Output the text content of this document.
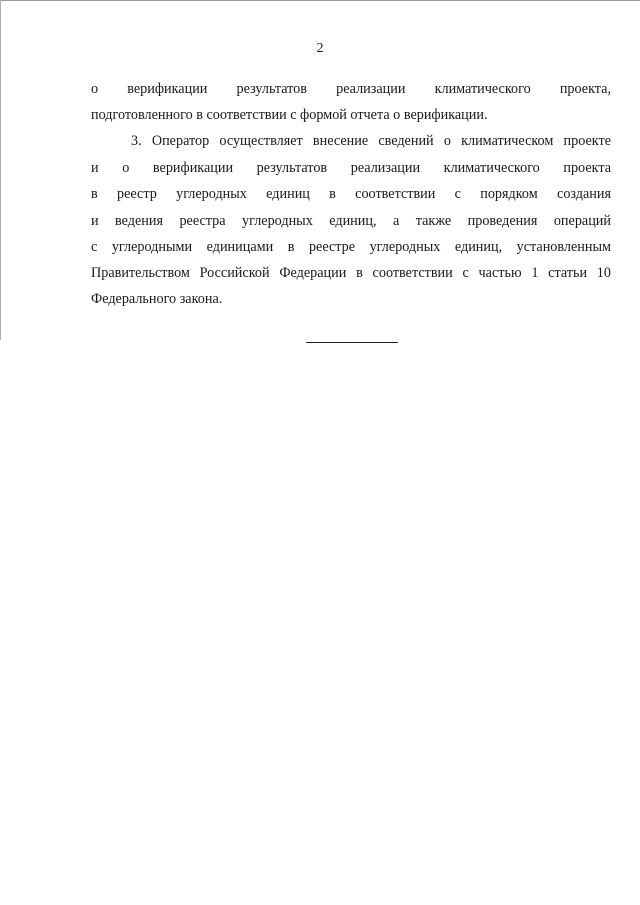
2
о верификации результатов реализации климатического проекта,
подготовленного в соответствии с формой отчета о верификации.
3. Оператор осуществляет внесение сведений о климатическом проекте
и о верификации результатов реализации климатического проекта
в реестр углеродных единиц в соответствии с порядком создания
и ведения реестра углеродных единиц, а также проведения операций
с углеродными единицами в реестре углеродных единиц, установленным
Правительством Российской Федерации в соответствии с частью 1 статьи 10
Федерального закона.
